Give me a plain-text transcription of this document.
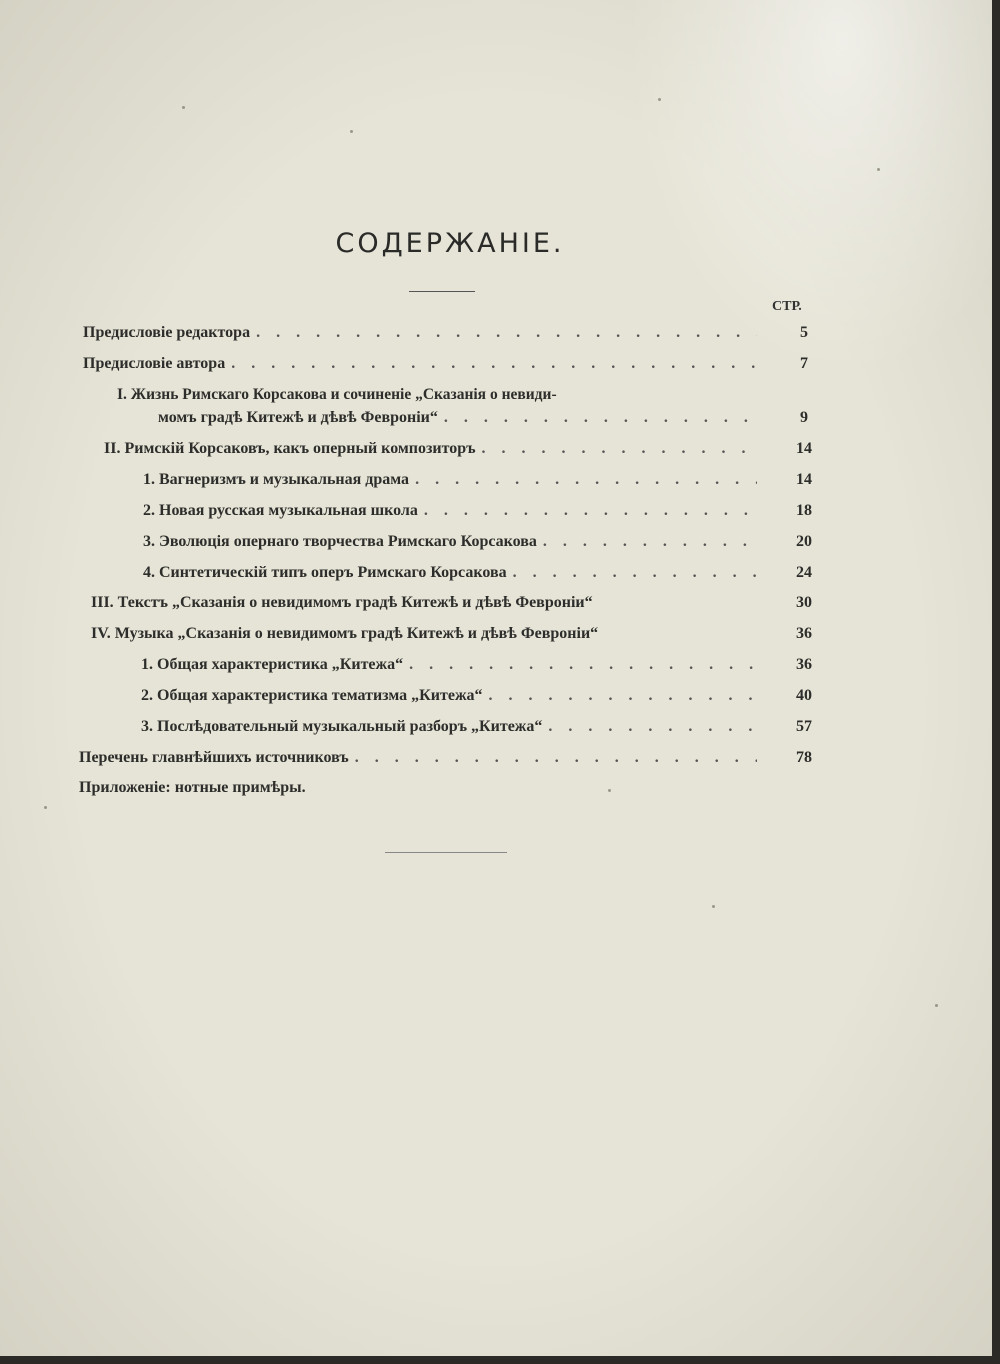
СОДЕРЖАНІЕ.
СТР.
Предисловіе редактора . . .	5
Предисловіе автора . . .	7
I. Жизнь Римскаго Корсакова и сочиненіе „Сказанія о невиди-
момъ градѣ Китежѣ и дѣвѣ Февроніи“ . . .	9
II. Римскій Корсаковъ, какъ оперный композиторъ . . .	14
1. Вагнеризмъ и музыкальная драма . . .	14
2. Новая русская музыкальная школа . . .	18
3. Эволюція опернаго творчества Римскаго Корсакова . . .	20
4. Синтетическій типъ оперъ Римскаго Корсакова . . .	24
III. Текстъ „Сказанія о невидимомъ градѣ Китежѣ и дѣвѣ Февроніи“	30
IV. Музыка „Сказанія о невидимомъ градѣ Китежѣ и дѣвѣ Февроніи“	36
1. Общая характеристика „Китежа“ . . .	36
2. Общая характеристика тематизма „Китежа“ . . .	40
3. Послѣдовательный музыкальный разборъ „Китежа“ . . .	57
Перечень главнѣйшихъ источниковъ . . .	78
Приложеніе: нотные примѣры.
